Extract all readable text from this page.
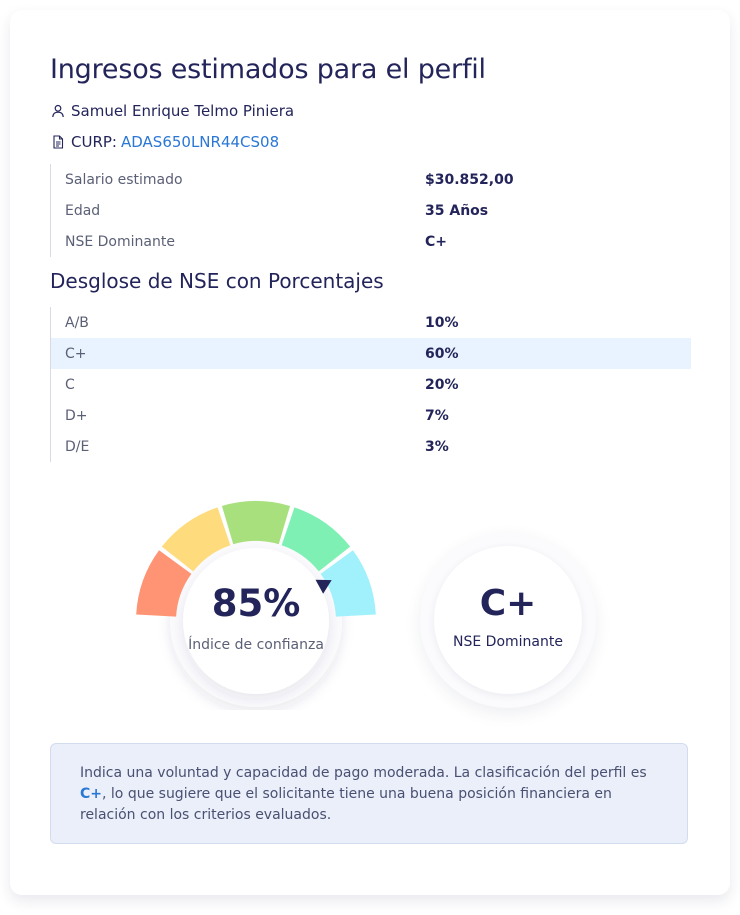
Ingresos estimados para el perfil
Samuel Enrique Telmo Piniera
CURP: ADAS650LNR44CS08
Salario estimado	$30.852,00
Edad	35 Años
NSE Dominante	C+
Desglose de NSE con Porcentajes
A/B	10%
C+	60%
C	20%
D+	7%
D/E	3%
85%
Índice de confianza
C+
NSE Dominante
Indica una voluntad y capacidad de pago moderada. La clasificación del perfil es C+, lo que sugiere que el solicitante tiene una buena posición financiera en relación con los criterios evaluados.
